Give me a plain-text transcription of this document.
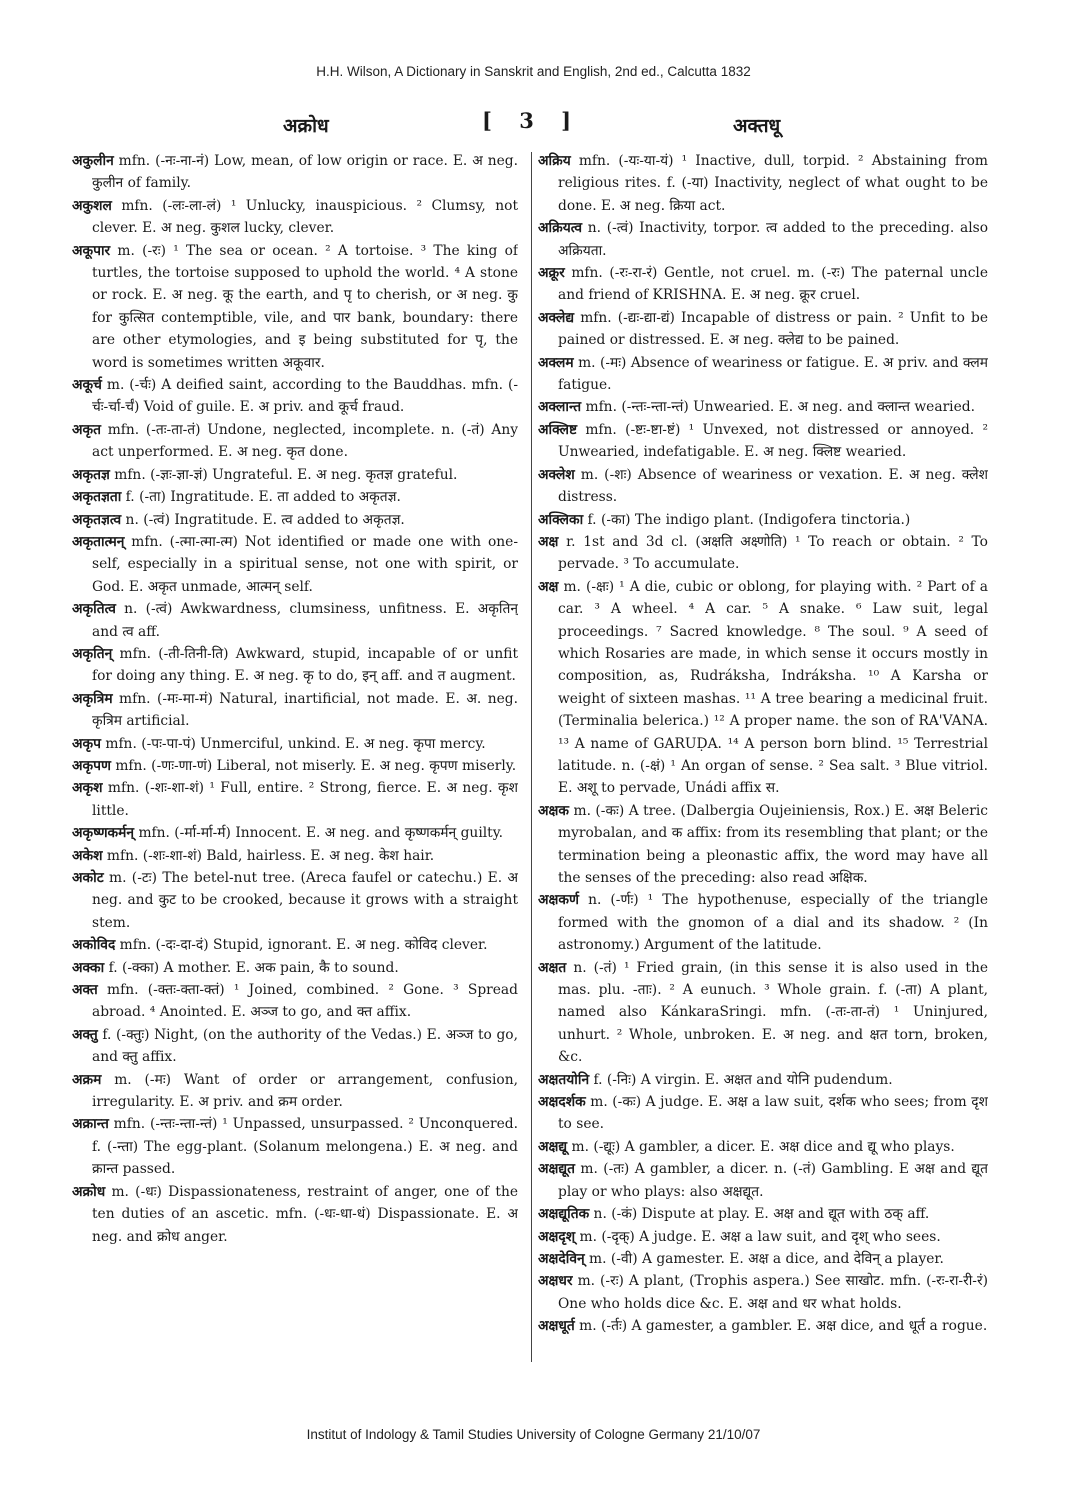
H.H. Wilson, A Dictionary in Sanskrit and English, 2nd ed., Calcutta 1832
अक्रोध	[ 3 ]	अक्तधू
अकुलीन mfn. (-नः-ना-नं) Low, mean, of low origin or race. E. अ neg. कुलीन of family.
अकुशल mfn. (-लः-ला-लं) ¹ Unlucky, inauspicious. ² Clumsy, not clever. E. अ neg. कुशल lucky, clever.
अकूपार m. (-रः) ¹ The sea or ocean. ² A tortoise. ³ The king of turtles, the tortoise supposed to uphold the world. ⁴ A stone or rock. E. अ neg. कू the earth, and पृ to cherish, or अ neg. कु for कुत्सित contemptible, vile, and पार bank, boundary: there are other etymologies, and इ being substituted for पृ, the word is sometimes written अकूवार.
अकूर्च m. (-र्चः) A deified saint, according to the Bauddhas. mfn. (-र्चः-र्चा-र्चं) Void of guile. E. अ priv. and कूर्च fraud.
अकृत mfn. (-तः-ता-तं) Undone, neglected, incomplete. n. (-तं) Any act unperformed. E. अ neg. कृत done.
अकृतज्ञ mfn. (-ज्ञः-ज्ञा-ज्ञं) Ungrateful. E. अ neg. कृतज्ञ grateful.
अकृतज्ञता f. (-ता) Ingratitude. E. ता added to अकृतज्ञ.
अकृतज्ञत्व n. (-त्वं) Ingratitude. E. त्व added to अकृतज्ञ.
अकृतात्मन् mfn. (-त्मा-त्मा-त्म) Not identified or made one with one-self, especially in a spiritual sense, not one with spirit, or God. E. अकृत unmade, आत्मन् self.
अकृतित्व n. (-त्वं) Awkwardness, clumsiness, unfitness. E. अकृतिन् and त्व aff.
अकृतिन् mfn. (-ती-तिनी-ति) Awkward, stupid, incapable of or unfit for doing any thing. E. अ neg. कृ to do, इन् aff. and त augment.
अकृत्रिम mfn. (-मः-मा-मं) Natural, inartificial, not made. E. अ. neg. कृत्रिम artificial.
अकृप mfn. (-पः-पा-पं) Unmerciful, unkind. E. अ neg. कृपा mercy.
अकृपण mfn. (-णः-णा-णं) Liberal, not miserly. E. अ neg. कृपण miserly.
अकृश mfn. (-शः-शा-शं) ¹ Full, entire. ² Strong, fierce. E. अ neg. कृश little.
अकृष्णकर्मन् mfn. (-र्मा-र्मा-र्म) Innocent. E. अ neg. and कृष्णकर्मन् guilty.
अकेश mfn. (-शः-शा-शं) Bald, hairless. E. अ neg. केश hair.
अकोट m. (-टः) The betel-nut tree. (Areca faufel or catechu.) E. अ neg. and कुट to be crooked, because it grows with a straight stem.
अकोविद mfn. (-दः-दा-दं) Stupid, ignorant. E. अ neg. कोविद clever.
अक्का f. (-क्का) A mother. E. अक pain, कै to sound.
अक्त mfn. (-क्तः-क्ता-क्तं) ¹ Joined, combined. ² Gone. ³ Spread abroad. ⁴ Anointed. E. अञ्ज to go, and क्त affix.
अक्तु f. (-क्तुः) Night, (on the authority of the Vedas.) E. अञ्ज to go, and क्तु affix.
अक्रम m. (-मः) Want of order or arrangement, confusion, irregularity. E. अ priv. and क्रम order.
अक्रान्त mfn. (-न्तः-न्ता-न्तं) ¹ Unpassed, unsurpassed. ² Unconquered. f. (-न्ता) The egg-plant. (Solanum melongena.) E. अ neg. and क्रान्त passed.
अक्रोध m. (-धः) Dispassionateness, restraint of anger, one of the ten duties of an ascetic. mfn. (-धः-धा-धं) Dispassionate. E. अ neg. and क्रोध anger.
अक्रिय mfn. (-यः-या-यं) ¹ Inactive, dull, torpid. ² Abstaining from religious rites. f. (-या) Inactivity, neglect of what ought to be done. E. अ neg. क्रिया act.
अक्रियत्व n. (-त्वं) Inactivity, torpor. त्व added to the preceding. also अक्रियता.
अक्रूर mfn. (-रः-रा-रं) Gentle, not cruel. m. (-रः) The paternal uncle and friend of KRISHNA. E. अ neg. क्रूर cruel.
अक्लेद्य mfn. (-द्यः-द्या-द्यं) Incapable of distress or pain. ² Unfit to be pained or distressed. E. अ neg. क्लेद्य to be pained.
अक्लम m. (-मः) Absence of weariness or fatigue. E. अ priv. and क्लम fatigue.
अक्लान्त mfn. (-न्तः-न्ता-न्तं) Unwearied. E. अ neg. and क्लान्त wearied.
अक्लिष्ट mfn. (-ष्टः-ष्टा-ष्टं) ¹ Unvexed, not distressed or annoyed. ² Unwearied, indefatigable. E. अ neg. क्लिष्ट wearied.
अक्लेश m. (-शः) Absence of weariness or vexation. E. अ neg. क्लेश distress.
अक्लिका f. (-का) The indigo plant. (Indigofera tinctoria.)
अक्ष r. 1st and 3d cl. (अक्षति अक्ष्णोति) ¹ To reach or obtain. ² To pervade. ³ To accumulate.
अक्ष m. (-क्षः) ¹ A die, cubic or oblong, for playing with. ² Part of a car. ³ A wheel. ⁴ A car. ⁵ A snake. ⁶ Law suit, legal proceedings. ⁷ Sacred knowledge. ⁸ The soul. ⁹ A seed of which Rosaries are made, in which sense it occurs mostly in composition, as, Rudráksha, Indráksha. ¹⁰ A Karsha or weight of sixteen mashas. ¹¹ A tree bearing a medicinal fruit. (Terminalia belerica.) ¹² A proper name. the son of RA'VANA. ¹³ A name of GARUḌA. ¹⁴ A person born blind. ¹⁵ Terrestrial latitude. n. (-क्षं) ¹ An organ of sense. ² Sea salt. ³ Blue vitriol. E. अशू to pervade, Unádi affix स.
अक्षक m. (-कः) A tree. (Dalbergia Oujeiniensis, Rox.) E. अक्ष Beleric myrobalan, and क affix: from its resembling that plant; or the termination being a pleonastic affix, the word may have all the senses of the preceding: also read अक्षिक.
अक्षकर्ण n. (-र्णः) ¹ The hypothenuse, especially of the triangle formed with the gnomon of a dial and its shadow. ² (In astronomy.) Argument of the latitude.
अक्षत n. (-तं) ¹ Fried grain, (in this sense it is also used in the mas. plu. -ताः). ² A eunuch. ³ Whole grain. f. (-ता) A plant, named also KánkaraSringi. mfn. (-तः-ता-तं) ¹ Uninjured, unhurt. ² Whole, unbroken. E. अ neg. and क्षत torn, broken, &c.
अक्षतयोनि f. (-निः) A virgin. E. अक्षत and योनि pudendum.
अक्षदर्शक m. (-कः) A judge. E. अक्ष a law suit, दर्शक who sees; from दृश to see.
अक्षद्यू m. (-द्यूः) A gambler, a dicer. E. अक्ष dice and द्यू who plays.
अक्षद्यूत m. (-तः) A gambler, a dicer. n. (-तं) Gambling. E अक्ष and द्यूत play or who plays: also अक्षद्यूत.
अक्षद्यूतिक n. (-कं) Dispute at play. E. अक्ष and द्यूत with ठक् aff.
अक्षदृश् m. (-दृक्) A judge. E. अक्ष a law suit, and दृश् who sees.
अक्षदेविन् m. (-वी) A gamester. E. अक्ष a dice, and देविन् a player.
अक्षधर m. (-रः) A plant, (Trophis aspera.) See साखोट. mfn. (-रः-रा-री-रं) One who holds dice &c. E. अक्ष and धर what holds.
अक्षधूर्त m. (-र्तः) A gamester, a gambler. E. अक्ष dice, and धूर्त a rogue.
Institut of Indology & Tamil Studies University of Cologne Germany 21/10/07
